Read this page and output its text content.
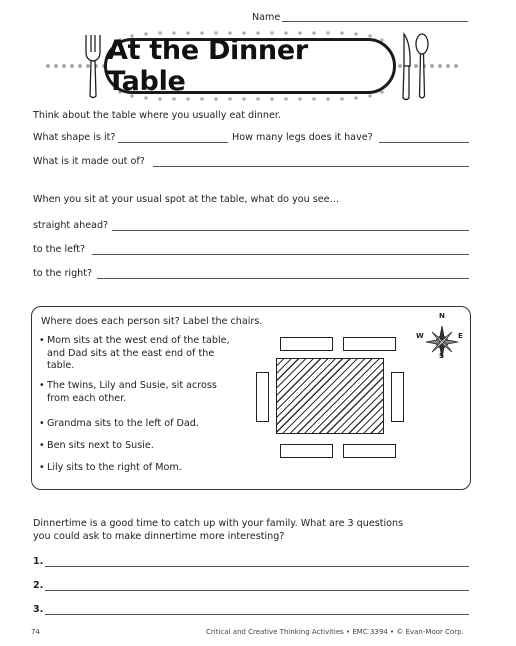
Name
At the Dinner Table
Think about the table where you usually eat dinner.
What shape is it?	How many legs does it have?
What is it made out of?
When you sit at your usual spot at the table, what do you see…
straight ahead?
to the left?
to the right?
Where does each person sit? Label the chairs.
• Mom sits at the west end of the table,
and Dad sits at the east end of the
table.
• The twins, Lily and Susie, sit across
from each other.
• Grandma sits to the left of Dad.
• Ben sits next to Susie.
• Lily sits to the right of Mom.
N
S
W	E
Dinnertime is a good time to catch up with your family. What are 3 questions
you could ask to make dinnertime more interesting?
1.
2.
3.
74	Critical and Creative Thinking Activities • EMC 3394 • © Evan-Moor Corp.
